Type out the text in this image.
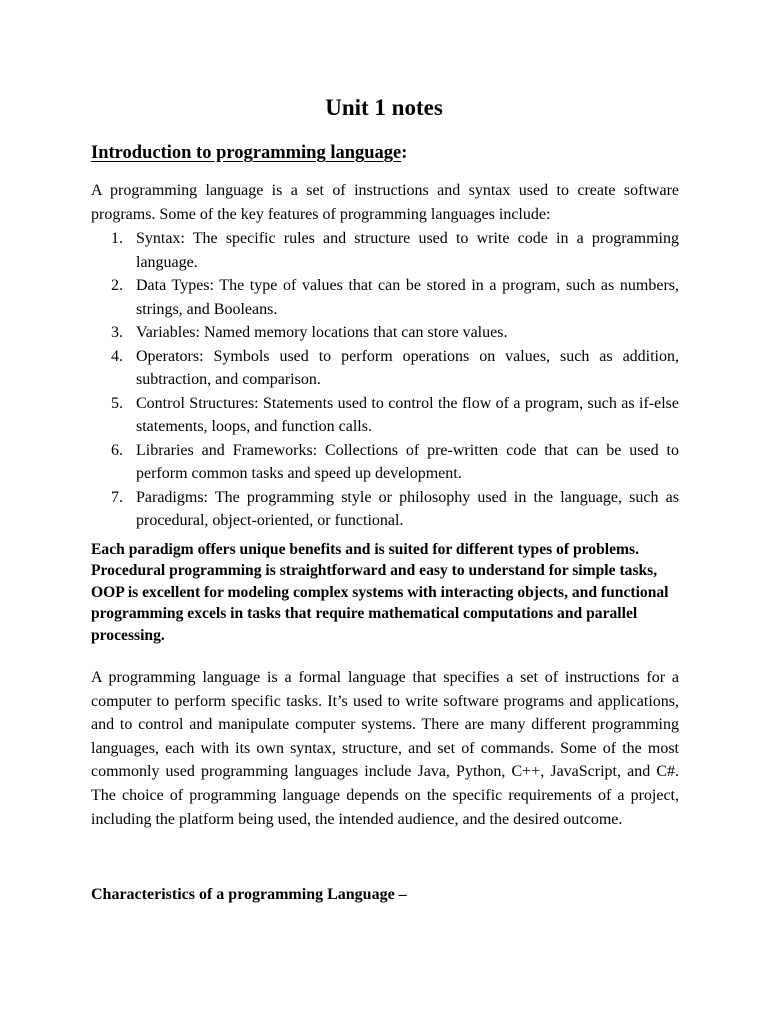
Unit 1 notes
Introduction to programming language:

A programming language is a set of instructions and syntax used to create software programs. Some of the key features of programming languages include:

1. Syntax: The specific rules and structure used to write code in a programming language.
2. Data Types: The type of values that can be stored in a program, such as numbers, strings, and Booleans.
3. Variables: Named memory locations that can store values.
4. Operators: Symbols used to perform operations on values, such as addition, subtraction, and comparison.
5. Control Structures: Statements used to control the flow of a program, such as if-else statements, loops, and function calls.
6. Libraries and Frameworks: Collections of pre-written code that can be used to perform common tasks and speed up development.
7. Paradigms: The programming style or philosophy used in the language, such as procedural, object-oriented, or functional.

Each paradigm offers unique benefits and is suited for different types of problems. Procedural programming is straightforward and easy to understand for simple tasks, OOP is excellent for modeling complex systems with interacting objects, and functional programming excels in tasks that require mathematical computations and parallel processing.

A programming language is a formal language that specifies a set of instructions for a computer to perform specific tasks. It’s used to write software programs and applications, and to control and manipulate computer systems. There are many different programming languages, each with its own syntax, structure, and set of commands. Some of the most commonly used programming languages include Java, Python, C++, JavaScript, and C#. The choice of programming language depends on the specific requirements of a project, including the platform being used, the intended audience, and the desired outcome.

Characteristics of a programming Language –
